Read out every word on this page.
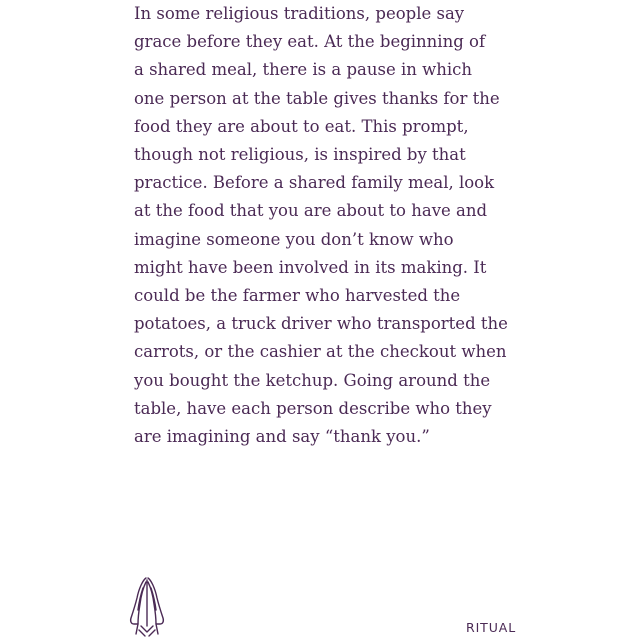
In some religious traditions, people say
grace before they eat. At the beginning of
a shared meal, there is a pause in which
one person at the table gives thanks for the
food they are about to eat. This prompt,
though not religious, is inspired by that
practice. Before a shared family meal, look
at the food that you are about to have and
imagine someone you don’t know who
might have been involved in its making. It
could be the farmer who harvested the
potatoes, a truck driver who transported the
carrots, or the cashier at the checkout when
you bought the ketchup. Going around the
table, have each person describe who they
are imagining and say “thank you.”

RITUAL
